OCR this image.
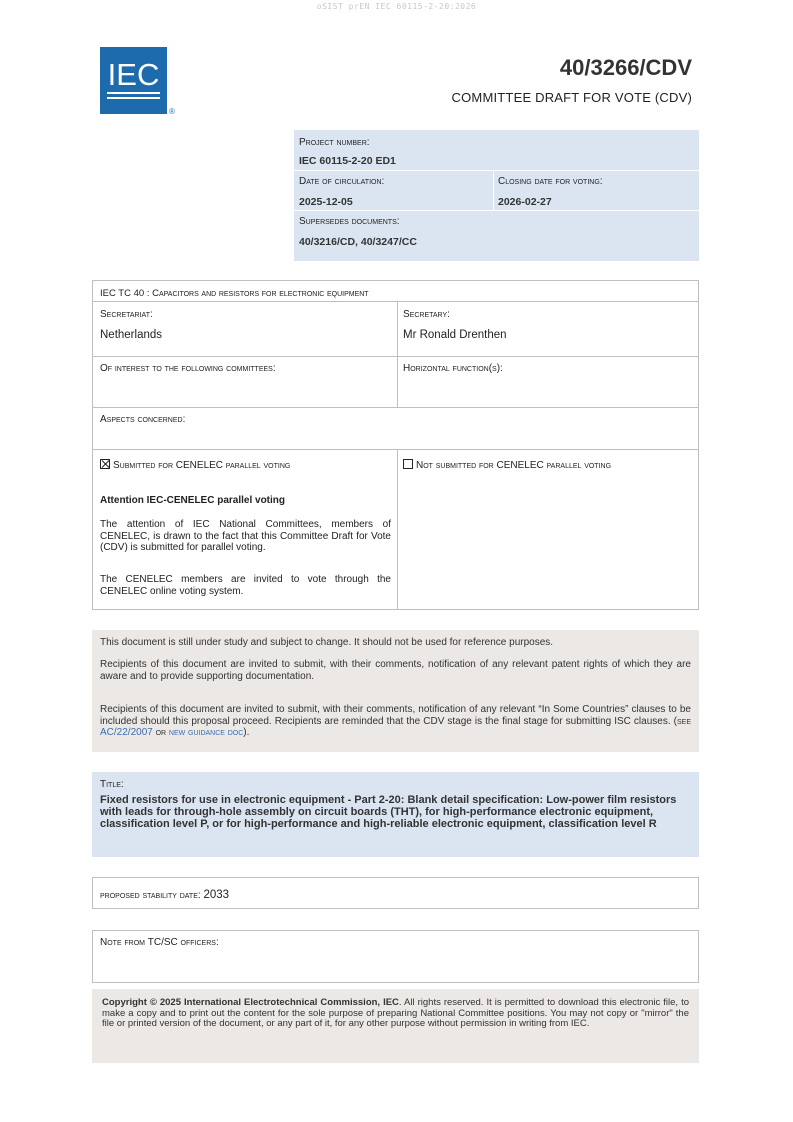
oSIST prEN IEC 60115-2-20:2026
IEC
®
40/3266/CDV
COMMITTEE DRAFT FOR VOTE (CDV)
Project number:
IEC 60115-2-20 ED1
Date of circulation:
2025-12-05
Closing date for voting:
2026-02-27
Supersedes documents:
40/3216/CD, 40/3247/CC
IEC TC 40 : Capacitors and resistors for electronic equipment
Secretariat:
Netherlands
Secretary:
Mr Ronald Drenthen
Of interest to the following committees:	Horizontal function(s):
Aspects concerned:
Submitted for CENELEC parallel voting	Not submitted for CENELEC parallel voting
Attention IEC-CENELEC parallel voting
The attention of IEC National Committees, members of CENELEC, is drawn to the fact that this Committee Draft for Vote (CDV) is submitted for parallel voting.
The CENELEC members are invited to vote through the CENELEC online voting system.
This document is still under study and subject to change. It should not be used for reference purposes.
Recipients of this document are invited to submit, with their comments, notification of any relevant patent rights of which they are aware and to provide supporting documentation.
Recipients of this document are invited to submit, with their comments, notification of any relevant “In Some Countries” clauses to be included should this proposal proceed. Recipients are reminded that the CDV stage is the final stage for submitting ISC clauses. (see AC/22/2007 or new guidance doc).
Title:
Fixed resistors for use in electronic equipment - Part 2-20: Blank detail specification: Low-power film resistors with leads for through-hole assembly on circuit boards (THT), for high-performance electronic equipment, classification level P, or for high-performance and high-reliable electronic equipment, classification level R
proposed stability date: 2033
Note from TC/SC officers:
Copyright © 2025 International Electrotechnical Commission, IEC. All rights reserved. It is permitted to download this electronic file, to make a copy and to print out the content for the sole purpose of preparing National Committee positions. You may not copy or "mirror" the file or printed version of the document, or any part of it, for any other purpose without permission in writing from IEC.
